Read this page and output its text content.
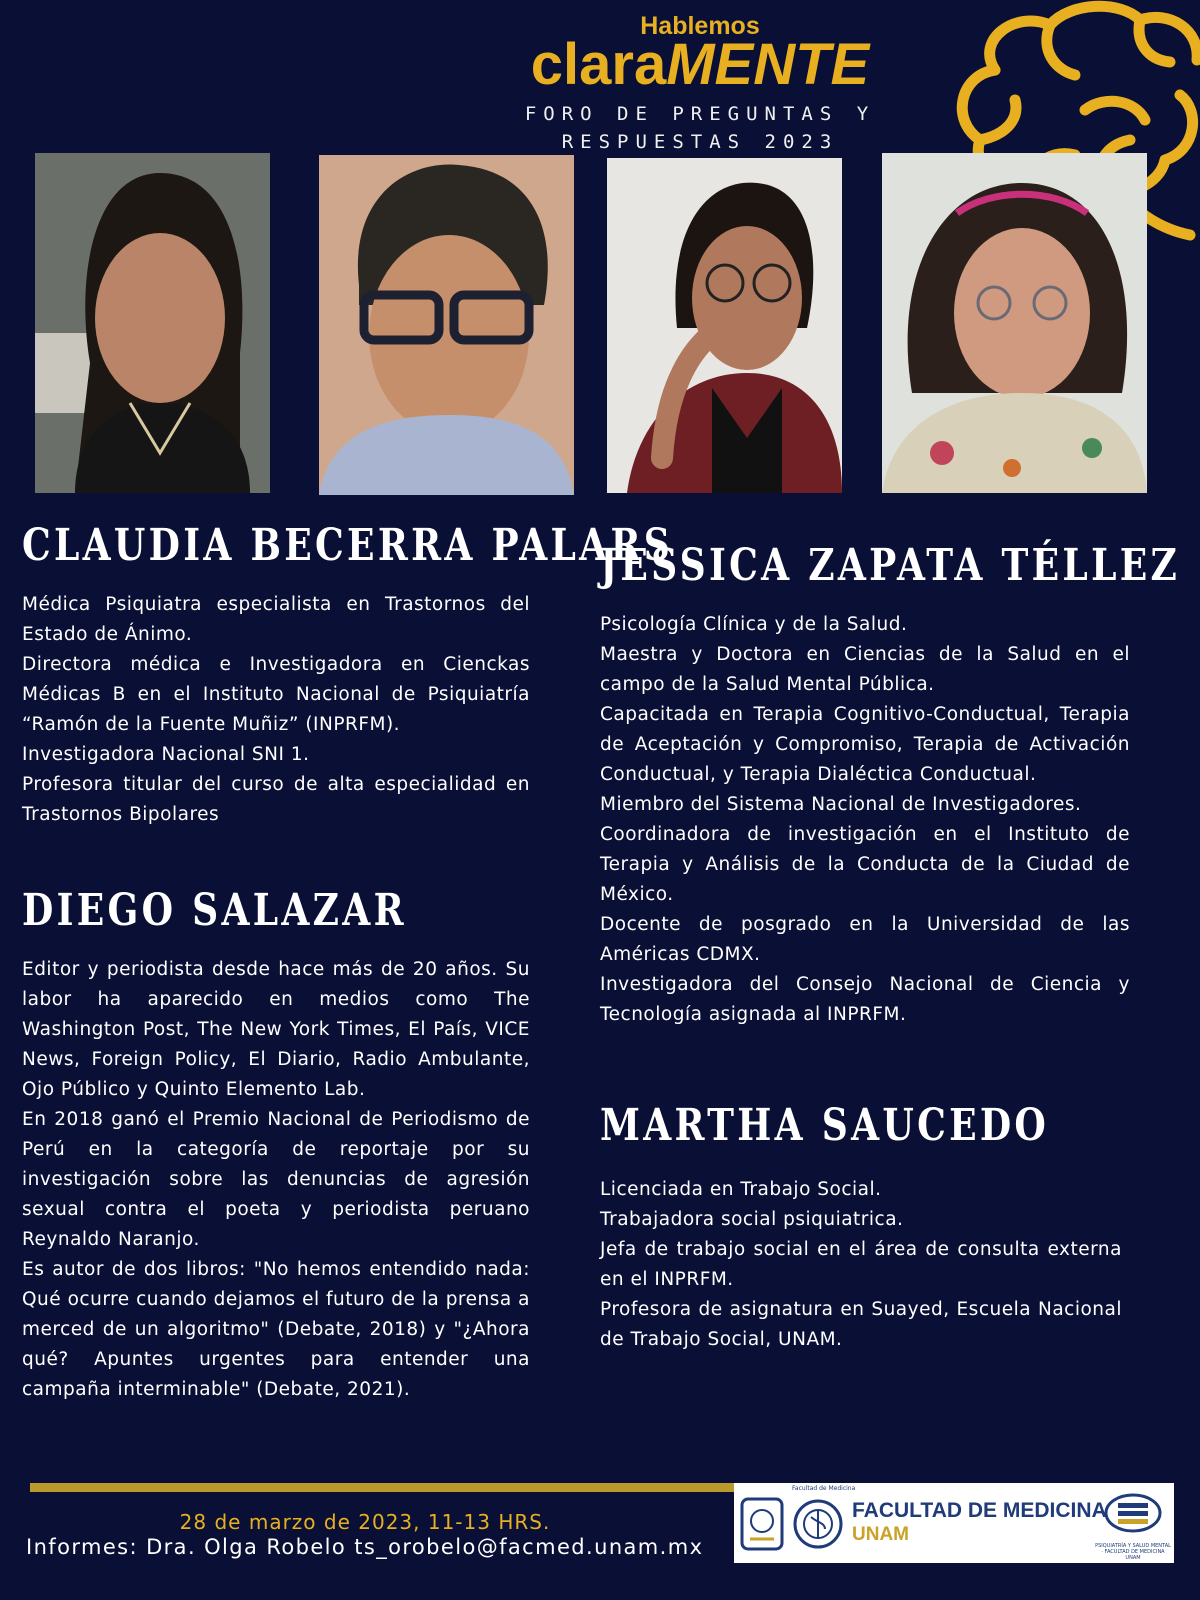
Hablemos
claraMENTE
FORO DE PREGUNTAS Y
RESPUESTAS 2023
CLAUDIA BECERRA PALARS
Médica Psiquiatra especialista en Trastornos del Estado de Ánimo.
Directora médica e Investigadora en Cienckas Médicas B en el Instituto Nacional de Psiquiatría “Ramón de la Fuente Muñiz” (INPRFM).
Investigadora Nacional SNI 1.
Profesora titular del curso de alta especialidad en Trastornos Bipolares
DIEGO SALAZAR
Editor y periodista desde hace más de 20 años. Su labor ha aparecido en medios como The Washington Post, The New York Times, El País, VICE News, Foreign Policy, El Diario, Radio Ambulante, Ojo Público y Quinto Elemento Lab.
En 2018 ganó el Premio Nacional de Periodismo de Perú en la categoría de reportaje por su investigación sobre las denuncias de agresión sexual contra el poeta y periodista peruano Reynaldo Naranjo.
Es autor de dos libros: "No hemos entendido nada: Qué ocurre cuando dejamos el futuro de la prensa a merced de un algoritmo" (Debate, 2018) y "¿Ahora qué? Apuntes urgentes para entender una campaña interminable" (Debate, 2021).
JESSICA ZAPATA TÉLLEZ
Psicología Clínica y de la Salud.
Maestra y Doctora en Ciencias de la Salud en el campo de la Salud Mental Pública.
Capacitada en Terapia Cognitivo-Conductual, Terapia de Aceptación y Compromiso, Terapia de Activación Conductual, y Terapia Dialéctica Conductual.
Miembro del Sistema Nacional de Investigadores.
Coordinadora de investigación en el Instituto de Terapia y Análisis de la Conducta de la Ciudad de México.
Docente de posgrado en la Universidad de las Américas CDMX.
Investigadora del Consejo Nacional de Ciencia y Tecnología asignada al INPRFM.
MARTHA SAUCEDO
Licenciada en Trabajo Social.
Trabajadora social psiquiatrica.
Jefa de trabajo social en el área de consulta externa en el INPRFM.
Profesora de asignatura en Suayed, Escuela Nacional de Trabajo Social, UNAM.
28 de marzo de 2023, 11-13 HRS.
Informes: Dra. Olga Robelo ts_orobelo@facmed.unam.mx
Facultad de Medicina
FACULTAD DE MEDICINA
UNAM
PSIQUIATRÍA Y SALUD MENTAL · FACULTAD DE MEDICINA UNAM
